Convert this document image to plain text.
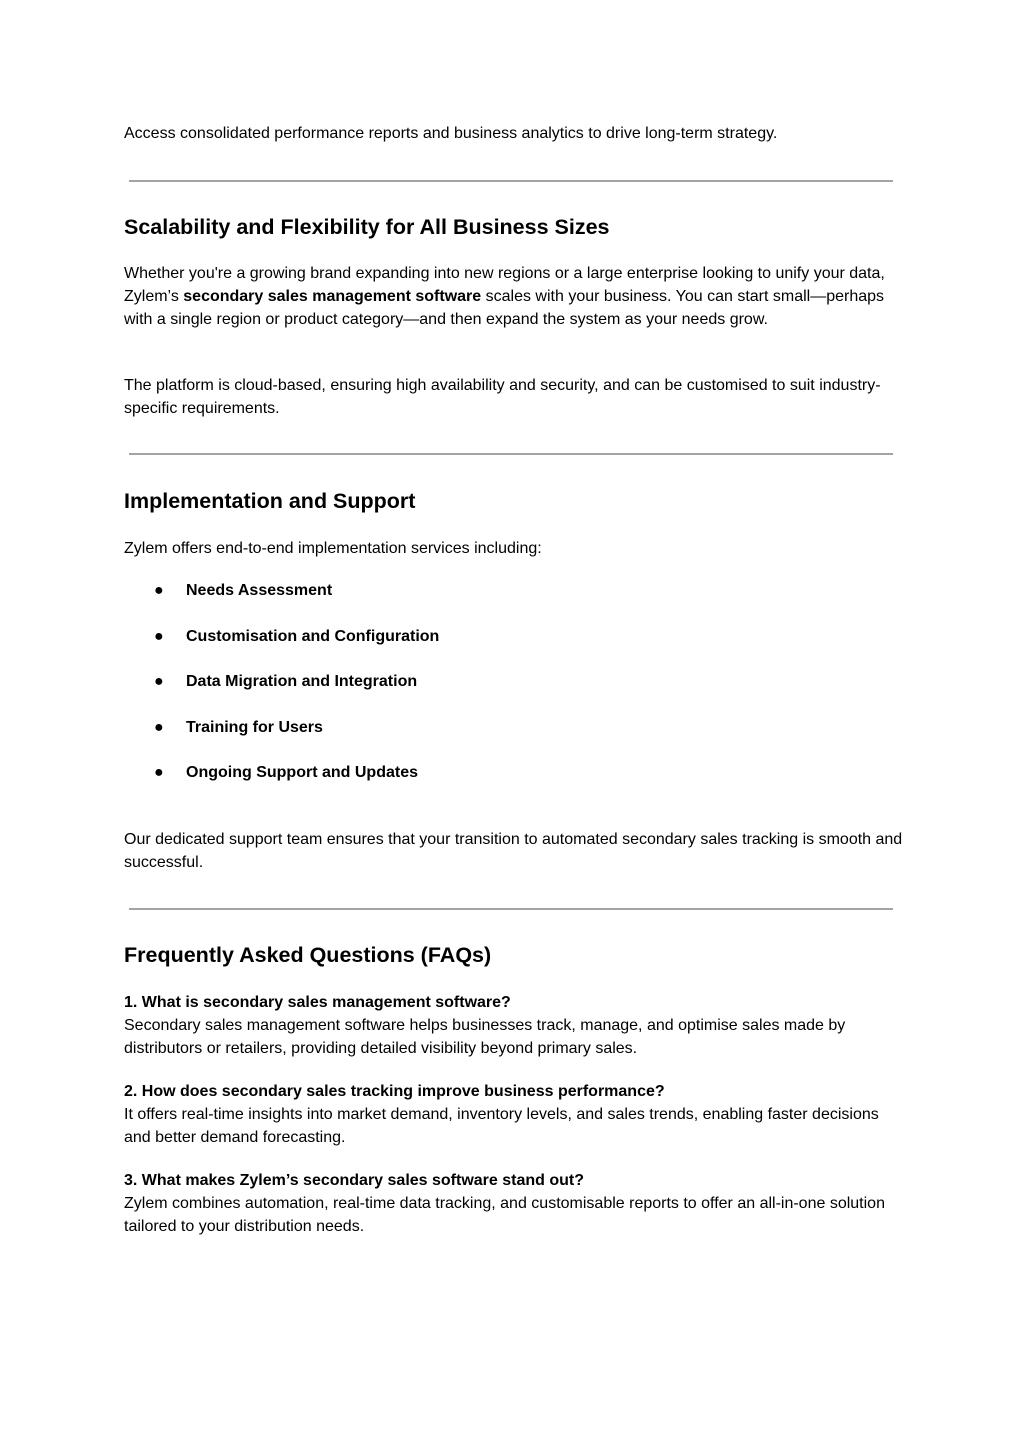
Access consolidated performance reports and business analytics to drive long-term strategy.

Scalability and Flexibility for All Business Sizes

Whether you're a growing brand expanding into new regions or a large enterprise looking to unify your data, Zylem’s secondary sales management software scales with your business. You can start small—perhaps with a single region or product category—and then expand the system as your needs grow.

The platform is cloud-based, ensuring high availability and security, and can be customised to suit industry-specific requirements.

Implementation and Support

Zylem offers end-to-end implementation services including:

● Needs Assessment
● Customisation and Configuration
● Data Migration and Integration
● Training for Users
● Ongoing Support and Updates

Our dedicated support team ensures that your transition to automated secondary sales tracking is smooth and successful.

Frequently Asked Questions (FAQs)

1. What is secondary sales management software?
Secondary sales management software helps businesses track, manage, and optimise sales made by distributors or retailers, providing detailed visibility beyond primary sales.

2. How does secondary sales tracking improve business performance?
It offers real-time insights into market demand, inventory levels, and sales trends, enabling faster decisions and better demand forecasting.

3. What makes Zylem’s secondary sales software stand out?
Zylem combines automation, real-time data tracking, and customisable reports to offer an all-in-one solution tailored to your distribution needs.
